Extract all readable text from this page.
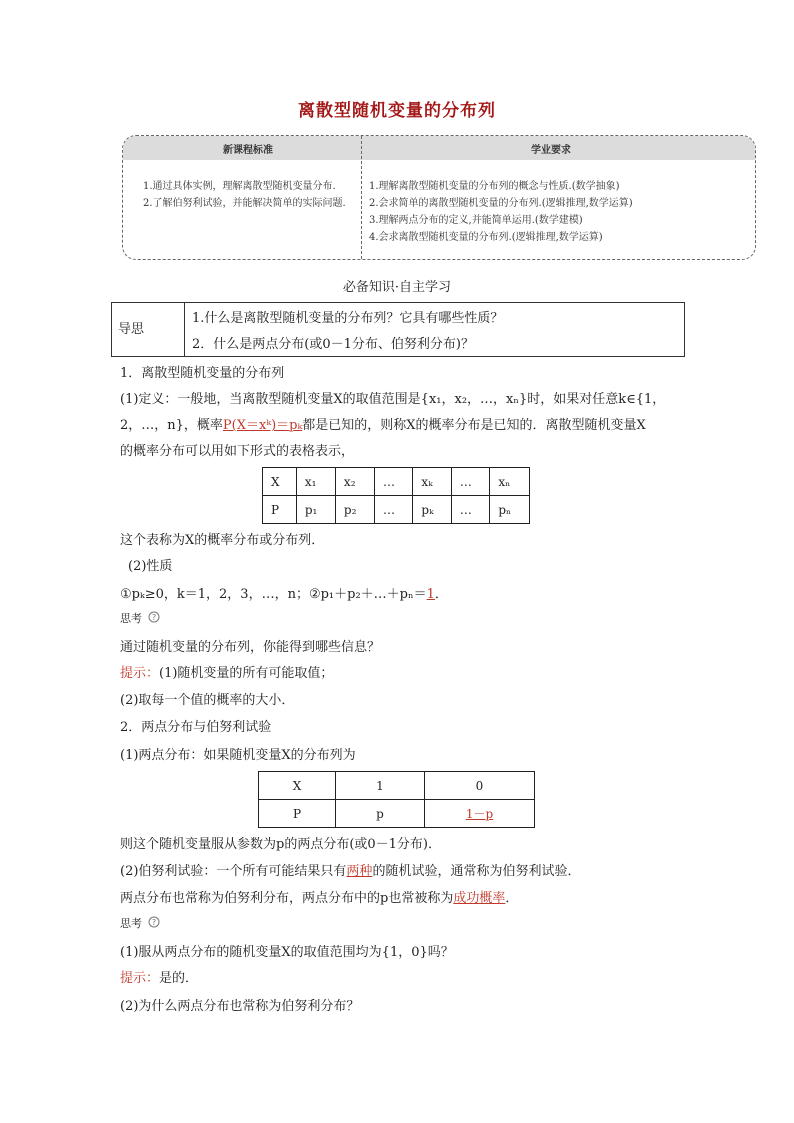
离散型随机变量的分布列
新课程标准	学业要求
1.通过具体实例，理解离散型随机变量分布.
2.了解伯努利试验，并能解决简单的实际问题.
1.理解离散型随机变量的分布列的概念与性质.(数学抽象)
2.会求简单的离散型随机变量的分布列.(逻辑推理,数学运算)
3.理解两点分布的定义,并能简单运用.(数学建模)
4.会求离散型随机变量的分布列.(逻辑推理,数学运算)
必备知识·自主学习
导思
1.什么是离散型随机变量的分布列？它具有哪些性质？
2．什么是两点分布(或0－1分布、伯努利分布)？
1．离散型随机变量的分布列
(1)定义：一般地，当离散型随机变量X的取值范围是{x₁，x₂，…，xₙ}时，如果对任意k∈{1，
2，…，n}，概率P(X＝xᵏ)＝pₖ都是已知的，则称X的概率分布是已知的．离散型随机变量X
的概率分布可以用如下形式的表格表示，
X	x₁	x₂	…	xₖ	…	xₙ
P	p₁	p₂	…	pₖ	…	pₙ
这个表称为X的概率分布或分布列．
(2)性质
①pₖ≥0，k＝1，2，3，…，n；②p₁＋p₂＋…＋pₙ＝1．
思考 ?
通过随机变量的分布列，你能得到哪些信息？
提示：(1)随机变量的所有可能取值；
(2)取每一个值的概率的大小．
2．两点分布与伯努利试验
(1)两点分布：如果随机变量X的分布列为
X	1	0
P	p	1－p
则这个随机变量服从参数为p的两点分布(或0－1分布)．
(2)伯努利试验：一个所有可能结果只有两种的随机试验，通常称为伯努利试验．
两点分布也常称为伯努利分布，两点分布中的p也常被称为成功概率．
思考 ?
(1)服从两点分布的随机变量X的取值范围均为{1，0}吗？
提示：是的．
(2)为什么两点分布也常称为伯努利分布？
